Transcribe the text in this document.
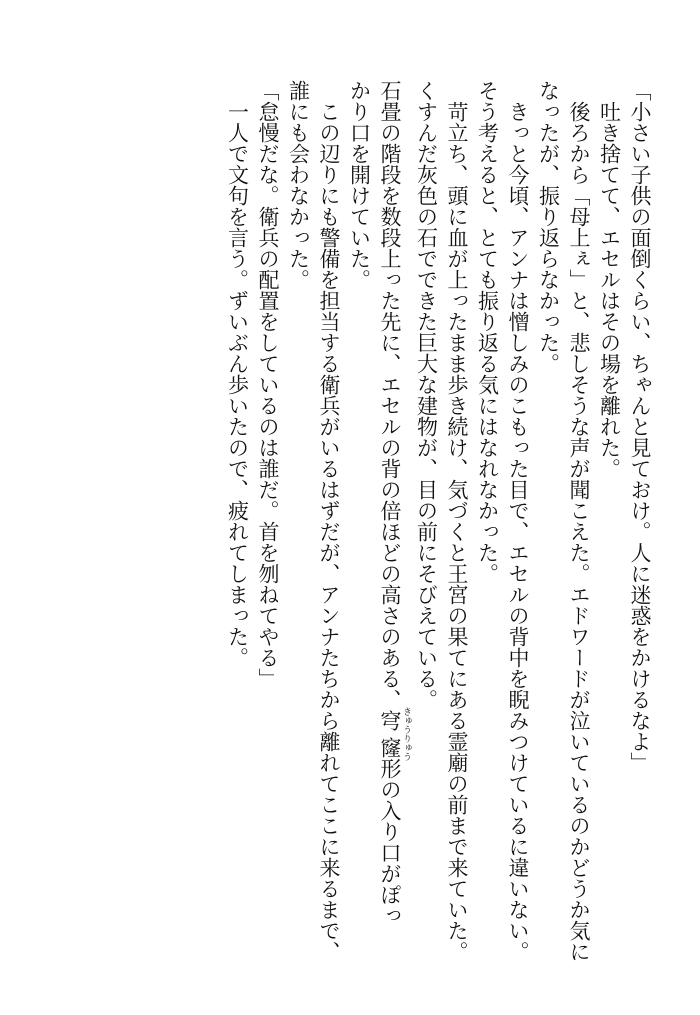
「小さい子供の面倒くらい、ちゃんと見ておけ。人に迷惑をかけるなよ」
吐き捨てて、エセルはその場を離れた。
後ろから「母上ぇ」と、悲しそうな声が聞こえた。エドワードが泣いているのかどうか気に
なったが、振り返らなかった。
きっと今頃、アンナは憎しみのこもった目で、エセルの背中を睨みつけているに違いない。
そう考えると、とても振り返る気にはなれなかった。
苛立ち、頭に血が上ったまま歩き続け、気づくと王宮の果てにある霊廟の前まで来ていた。
くすんだ灰色の石でできた巨大な建物が、目の前にそびえている。
石畳の階段を数段上った先に、エセルの背の倍ほどの高さのある、穹窿 きゅうりゅう形の入り口がぽっ
かり口を開けていた。
この辺りにも警備を担当する衛兵がいるはずだが、アンナたちから離れてここに来るまで、
誰にも会わなかった。
「怠慢だな。衛兵の配置をしているのは誰だ。首を刎ねてやる」
一人で文句を言う。ずいぶん歩いたので、疲れてしまった。
